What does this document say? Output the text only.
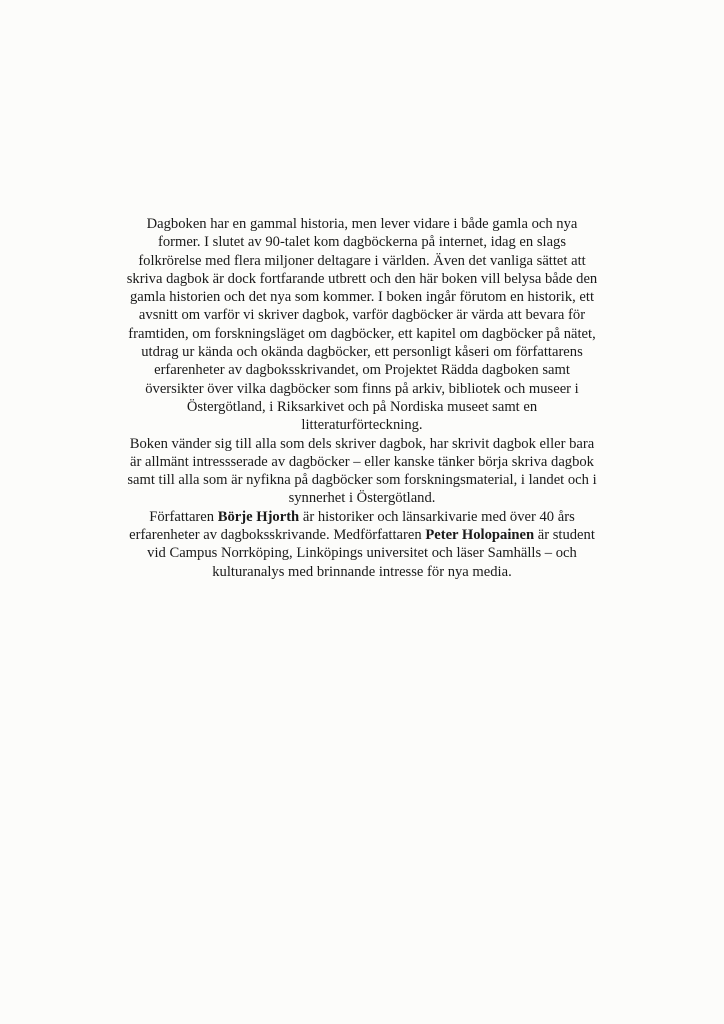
Dagboken har en gammal historia, men lever vidare i både gamla och nya
former. I slutet av 90-talet kom dagböckerna på internet, idag en slags
folkrörelse med flera miljoner deltagare i världen. Även det vanliga sättet att
skriva dagbok är dock fortfarande utbrett och den här boken vill belysa både den
gamla historien och det nya som kommer. I boken ingår förutom en historik, ett
avsnitt om varför vi skriver dagbok, varför dagböcker är värda att bevara för
framtiden, om forskningsläget om dagböcker, ett kapitel om dagböcker på nätet,
utdrag ur kända och okända dagböcker, ett personligt kåseri om författarens
erfarenheter av dagboksskrivandet, om Projektet Rädda dagboken samt
översikter över vilka dagböcker som finns på arkiv, bibliotek och museer i
Östergötland, i Riksarkivet och på Nordiska museet samt en
litteraturförteckning.
Boken vänder sig till alla som dels skriver dagbok, har skrivit dagbok eller bara
är allmänt intressserade av dagböcker – eller kanske tänker börja skriva dagbok
samt till alla som är nyfikna på dagböcker som forskningsmaterial, i landet och i
synnerhet i Östergötland.
Författaren Börje Hjorth är historiker och länsarkivarie med över 40 års
erfarenheter av dagboksskrivande. Medförfattaren Peter Holopainen är student
vid Campus Norrköping, Linköpings universitet och läser Samhälls – och
kulturanalys med brinnande intresse för nya media.
